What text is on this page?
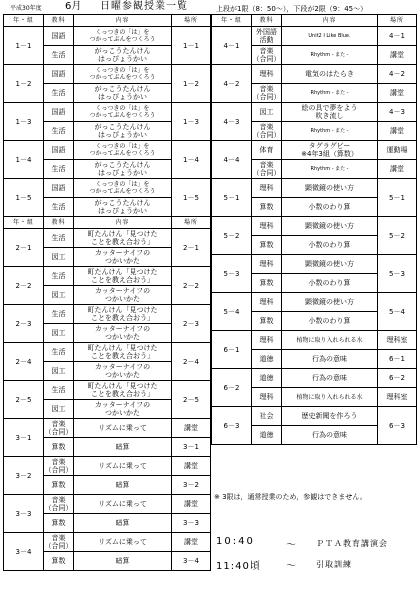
平成30年度 6月 日曜参観授業一覧	上段が1限（8：50～），下段が2限（9：45～）
年・組	教科	内容	場所
1－1	国語	くっつきの「は」を
つかってぶんをつくろう	1－1
	生活	がっこうたんけん
はっぴょうかい	
1－2	国語	くっつきの「は」を
つかってぶんをつくろう	1－2
	生活	がっこうたんけん
はっぴょうかい	
1－3	国語	くっつきの「は」を
つかってぶんをつくろう	1－3
	生活	がっこうたんけん
はっぴょうかい	
1－4	国語	くっつきの「は」を
つかってぶんをつくろう	1－4
	生活	がっこうたんけん
はっぴょうかい	
1－5	国語	くっつきの「は」を
つかってぶんをつくろう	1－5
	生活	がっこうたんけん
はっぴょうかい	
年・組	教科	内容	場所
2－1	生活	町たんけん「見つけた
ことを教え合おう」	2－1
	図工	カッターナイフの
つかいかた	
2－2	生活	町たんけん「見つけた
ことを教え合おう」	2－2
	図工	カッターナイフの
つかいかた	
2－3	生活	町たんけん「見つけた
ことを教え合おう」	2－3
	図工	カッターナイフの
つかいかた	
2－4	生活	町たんけん「見つけた
ことを教え合おう」	2－4
	図工	カッターナイフの
つかいかた	
2－5	生活	町たんけん「見つけた
ことを教え合おう」	2－5
	図工	カッターナイフの
つかいかた	
3－1	音楽
（合同）	リズムに乗って	講堂
	算数	暗算	3－1
3－2	音楽
（合同）	リズムに乗って	講堂
	算数	暗算	3－2
3－3	音楽
（合同）	リズムに乗って	講堂
	算数	暗算	3－3
3－4	音楽
（合同）	リズムに乗って	講堂
	算数	暗算	3－4
年・組	教科	内容	場所
4－1	外国語
活動	Unit2 I Like Blue.	4－1
	音楽
（合同）	Rhythm - また -	講堂
4－2	理科	電気のはたらき	4－2
	音楽
（合同）	Rhythm - また -	講堂
4－3	図工	絵の具で夢をよう
吹き流し	4－3
	音楽
（合同）	Rhythm - また -	講堂
4－4	体育	タグラグビー
※4年3組（算数）	運動場
	音楽
（合同）	Rhythm - また -	講堂
5－1	理科	顕微鏡の使い方	5－1
	算数	小数のわり算	
5－2	理科	顕微鏡の使い方	5－2
	算数	小数のわり算	
5－3	理科	顕微鏡の使い方	5－3
	算数	小数のわり算	
5－4	理科	顕微鏡の使い方	5－4
	算数	小数のわり算	
6－1	理科	植物に取り入れられる水	理科室
	道徳	行為の意味	6－1
6－2	道徳	行為の意味	6－2
	理科	植物に取り入れられる水	理科室
6－3	社会	歴史新聞を作ろう	6－3
	道徳	行為の意味	
※ 3限は，通常授業のため，参観はできません。
10:40	～	ＰＴＡ教育講演会
11:40頃	～	引取訓練
